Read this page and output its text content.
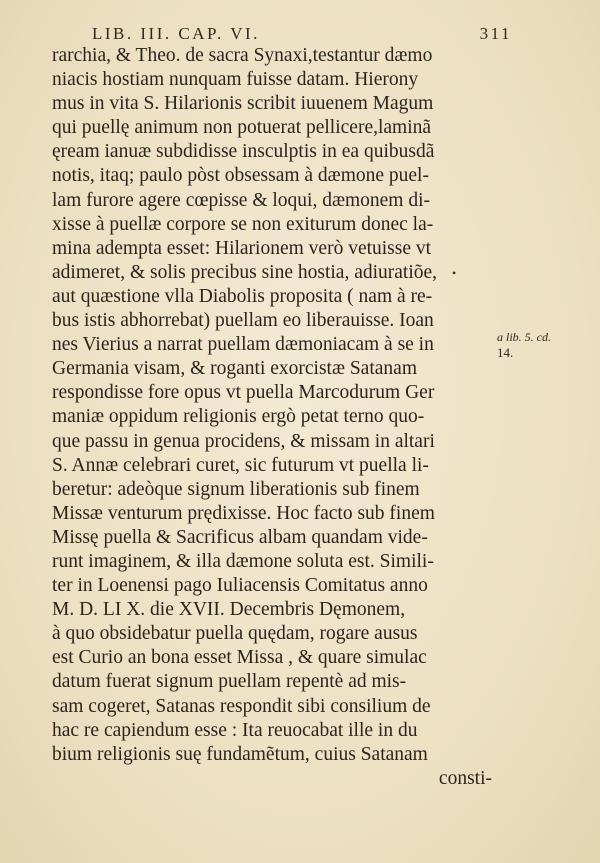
LIB. III. CAP. VI.	311
rarchia, & Theo. de sacra Synaxi,testantur dæmo
niacis hostiam nunquam fuisse datam. Hierony
mus in vita S. Hilarionis scribit iuuenem Magum
qui puellę animum non potuerat pellicere,laminã
ęream ianuæ subdidisse insculptis in ea quibusdã
notis, itaq; paulo pòst obsessam à dæmone puel-
lam furore agere cœpisse & loqui, dæmonem di-
xisse à puellæ corpore se non exiturum donec la-
mina adempta esset: Hilarionem verò vetuisse vt
adimeret, & solis precibus sine hostia, adiuratiõe,
aut quæstione vlla Diabolis proposita ( nam à re-
bus istis abhorrebat) puellam eo liberauisse. Ioan
nes Vierius a narrat puellam dæmoniacam à se in
Germania visam, & roganti exorcistæ Satanam
respondisse fore opus vt puella Marcodurum Ger
maniæ oppidum religionis ergò petat terno quo-
que passu in genua procidens, & missam in altari
S. Annæ celebrari curet, sic futurum vt puella li-
beretur: adeòque signum liberationis sub finem
Missæ venturum prędixisse. Hoc facto sub finem
Missę puella & Sacrificus albam quandam vide-
runt imaginem, & illa dæmone soluta est. Simili-
ter in Loenensi pago Iuliacensis Comitatus anno
M. D. LI X. die XVII. Decembris Dęmonem,
à quo obsidebatur puella quędam, rogare ausus
est Curio an bona esset Missa , & quare simulac
datum fuerat signum puellam repentè ad mis-
sam cogeret, Satanas respondit sibi consilium de
hac re capiendum esse : Ita reuocabat ille in du
bium religionis suę fundamẽtum, cuius Satanam
consti-
a lib. 5. cd.
14.
•
